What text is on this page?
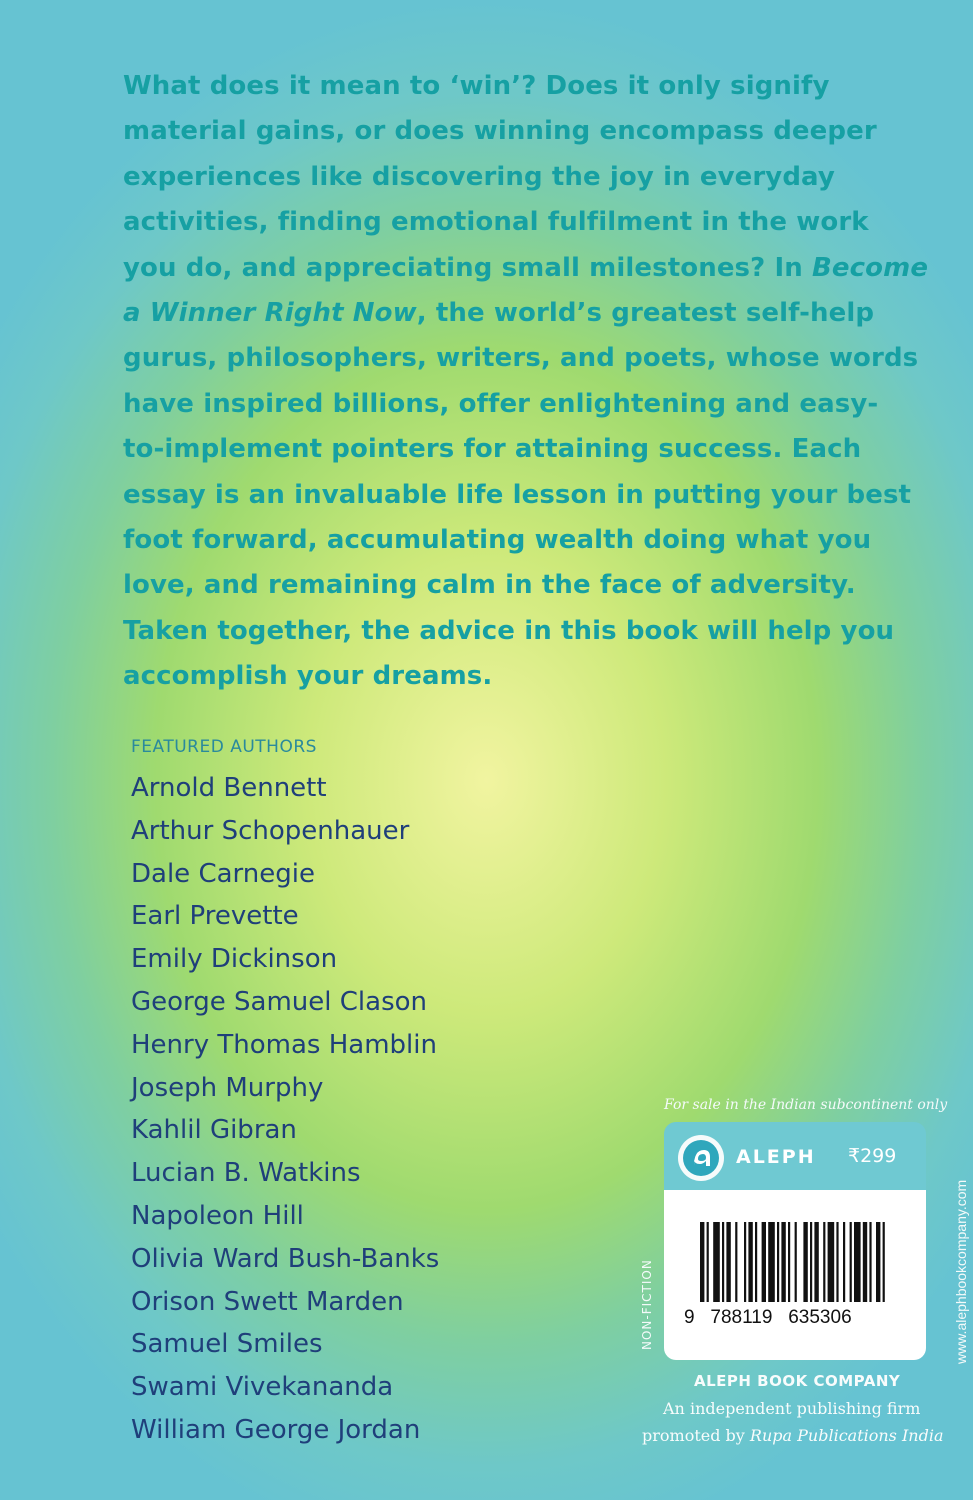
What does it mean to ‘win’? Does it only signify
material gains, or does winning encompass deeper
experiences like discovering the joy in everyday
activities, finding emotional fulfilment in the work
you do, and appreciating small milestones? In Become
a Winner Right Now, the world’s greatest self-help
gurus, philosophers, writers, and poets, whose words
have inspired billions, offer enlightening and easy-
to-implement pointers for attaining success. Each
essay is an invaluable life lesson in putting your best
foot forward, accumulating wealth doing what you
love, and remaining calm in the face of adversity.
Taken together, the advice in this book will help you
accomplish your dreams.
FEATURED AUTHORS
Arnold Bennett
Arthur Schopenhauer
Dale Carnegie
Earl Prevette
Emily Dickinson
George Samuel Clason
Henry Thomas Hamblin
Joseph Murphy
Kahlil Gibran
Lucian B. Watkins
Napoleon Hill
Olivia Ward Bush-Banks
Orison Swett Marden
Samuel Smiles
Swami Vivekananda
William George Jordan
For sale in the Indian subcontinent only
ALEPH ₹299
9   788119   635306
NON-FICTION	www.alephbookcompany.com
ALEPH BOOK COMPANY
An independent publishing firm
promoted by Rupa Publications India
